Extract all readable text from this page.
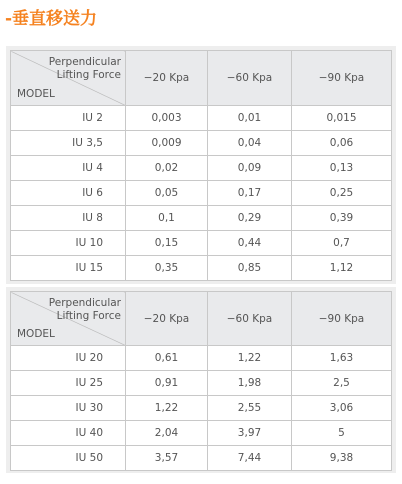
-垂直移送力
Perpendicular
Lifting Force
MODEL	−20 Kpa	−60 Kpa	−90 Kpa
IU 2	0,003	0,01	0,015
IU 3,5	0,009	0,04	0,06
IU 4	0,02	0,09	0,13
IU 6	0,05	0,17	0,25
IU 8	0,1	0,29	0,39
IU 10	0,15	0,44	0,7
IU 15	0,35	0,85	1,12
Perpendicular
Lifting Force
MODEL	−20 Kpa	−60 Kpa	−90 Kpa
IU 20	0,61	1,22	1,63
IU 25	0,91	1,98	2,5
IU 30	1,22	2,55	3,06
IU 40	2,04	3,97	5
IU 50	3,57	7,44	9,38
